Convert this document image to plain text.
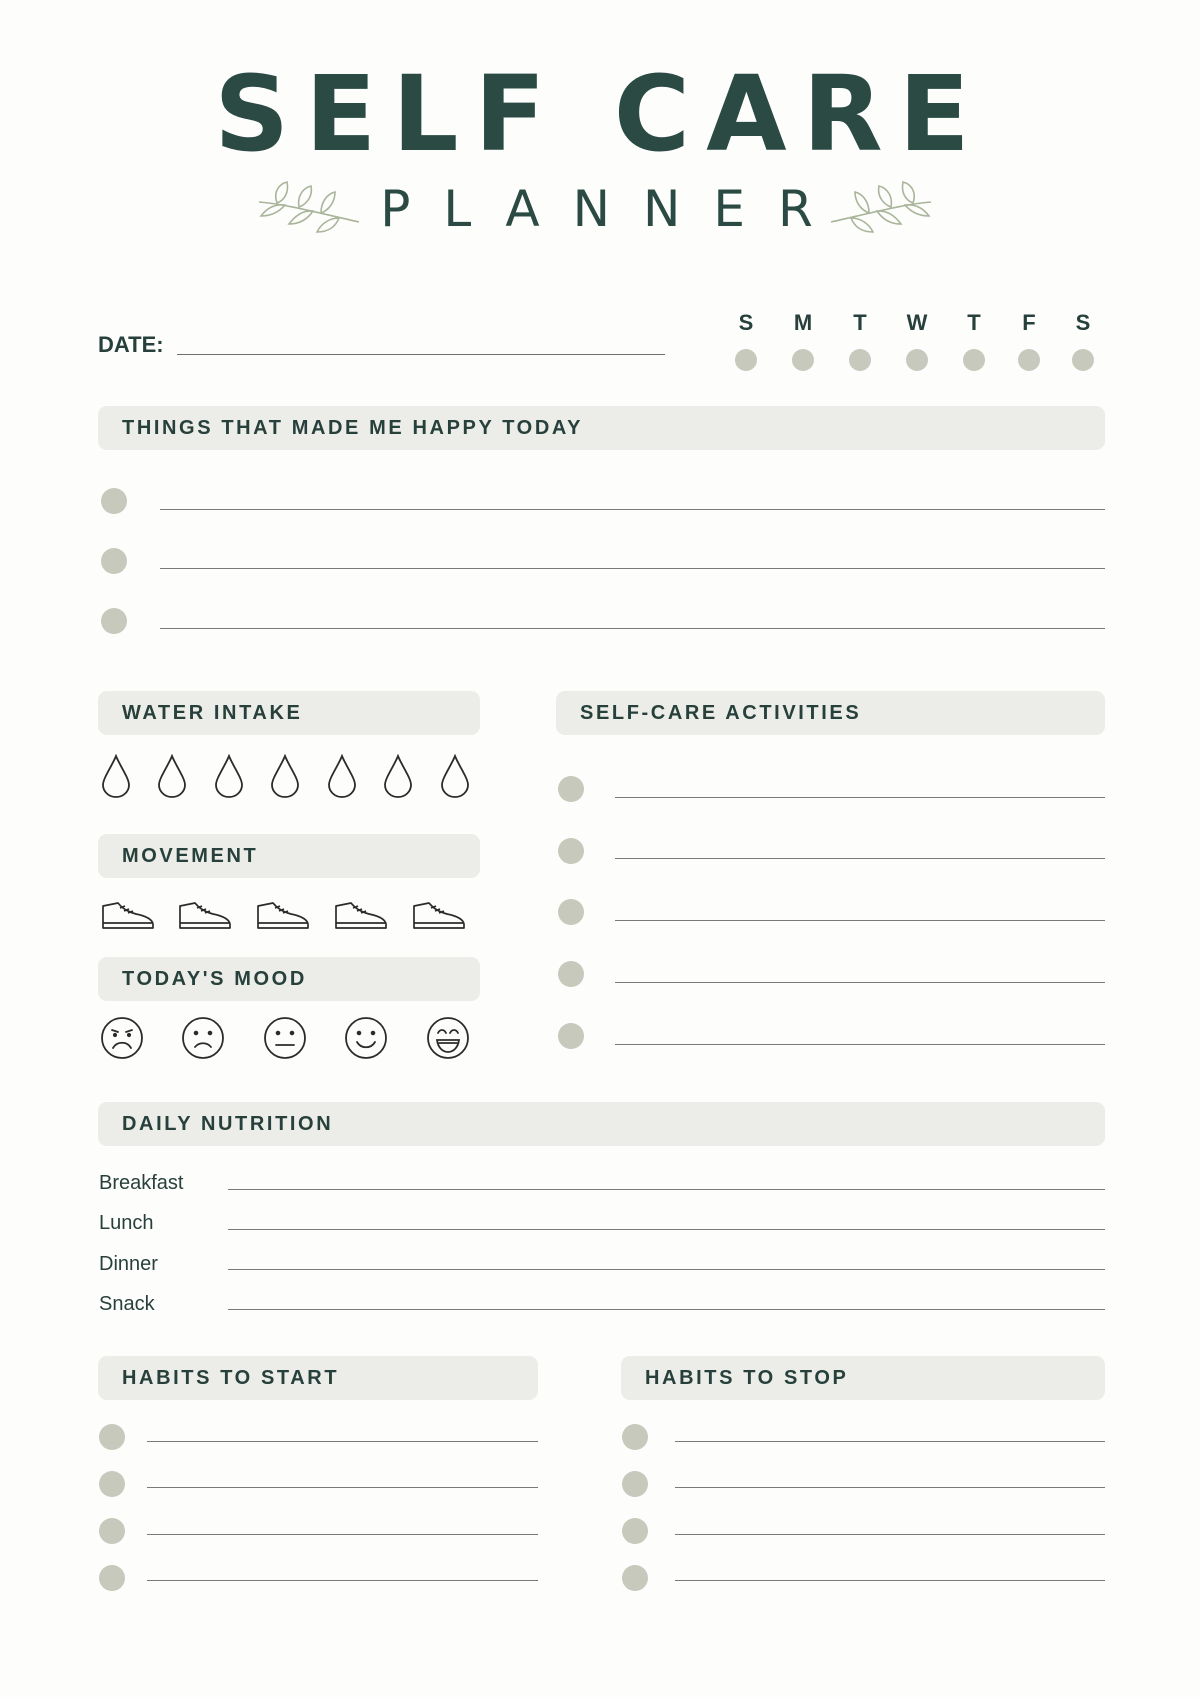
SELF CARE
PLANNER
DATE:
S	M	T	W	T	F	S
THINGS THAT MADE ME HAPPY TODAY
WATER INTAKE
MOVEMENT
TODAY'S MOOD
SELF-CARE ACTIVITIES
DAILY NUTRITION
Breakfast
Lunch
Dinner
Snack
HABITS TO START	HABITS TO STOP
